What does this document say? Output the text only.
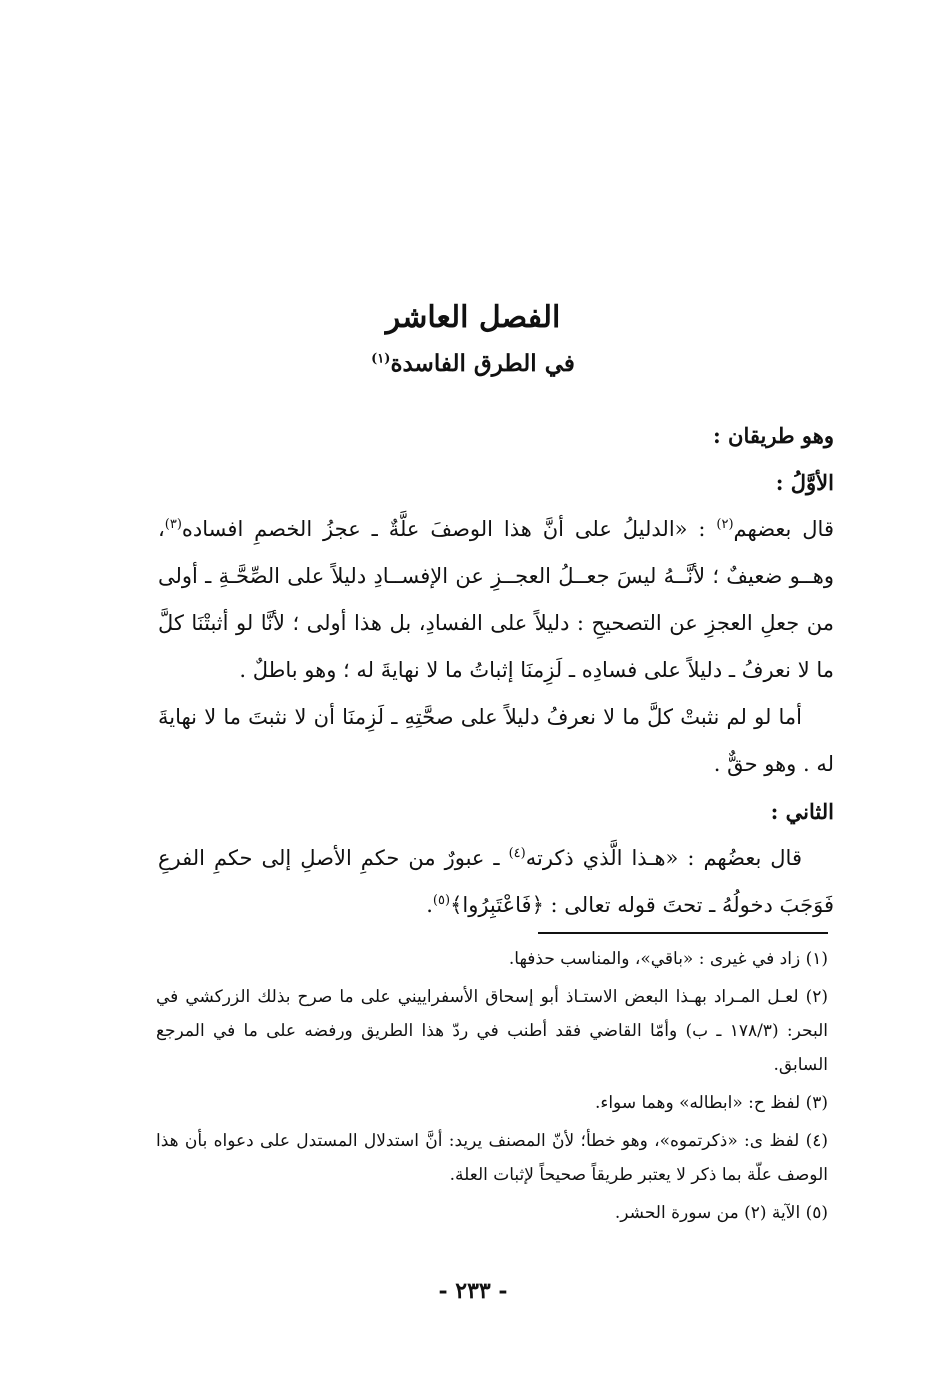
الفصل العاشر
في الطرق الفاسدة$^{(١)}$

وهو طريقان :

الأوَّلُ :

قال بعضهم$^{(٢)}$ : «الدليلُ على أنَّ هذا الوصفَ علَّةٌ ـ عجزُ الخصمِ افساده$^{(٣)}$، وهــو ضعيفٌ ؛ لأنَّــهُ ليسَ جعــلُ العجــزِ عن الإفســادِ دليلاً على الصِّحَّـةِ ـ أولى من جعلِ العجزِ عن التصحيحِ : دليلاً على الفسادِ، بل هذا أولى ؛ لأنَّا لو أثبتْنَا كلَّ ما لا نعرفُ ـ دليلاً على فسادِه ـ لَزِمنَا إثباتُ ما لا نهايةَ له ؛ وهو باطلٌ .

أما لو لم نثبتْ كلَّ ما لا نعرفُ دليلاً على صحَّتِهِ ـ لَزِمنَا أن لا نثبتَ ما لا نهايةَ له . وهو حقٌّ .

الثاني :

قال بعضُهم : «هـذا الَّذي ذكرته$^{(٤)}$ ـ عبورٌ من حكمِ الأصلِ إلى حكمِ الفرعِ فَوَجَبَ دخولُهُ ـ تحتَ قوله تعالى : ﴿فَاعْتَبِرُوا﴾$^{(٥)}$.

(١) زاد في غيرى : «باقي»، والمناسب حذفها.

(٢) لعـل المـراد بهـذا البعض الاستـاذ أبو إسحاق الأسفراييني على ما صرح بذلك الزركشي في البحر: (١٧٨/٣ ـ ب) وأمّا القاضي فقد أطنب في ردّ هذا الطريق ورفضه على ما في المرجع السابق.

(٣) لفظ ح: «ابطاله» وهما سواء.

(٤) لفظ ى: «ذكرتموه»، وهو خطأ؛ لأنّ المصنف يريد: أنَّ استدلال المستدل على دعواه بأن هذا الوصف علّة بما ذكر لا يعتبر طريقاً صحيحاً لإثبات العلة.

(٥) الآية (٢) من سورة الحشر.

- ٢٣٣ -
